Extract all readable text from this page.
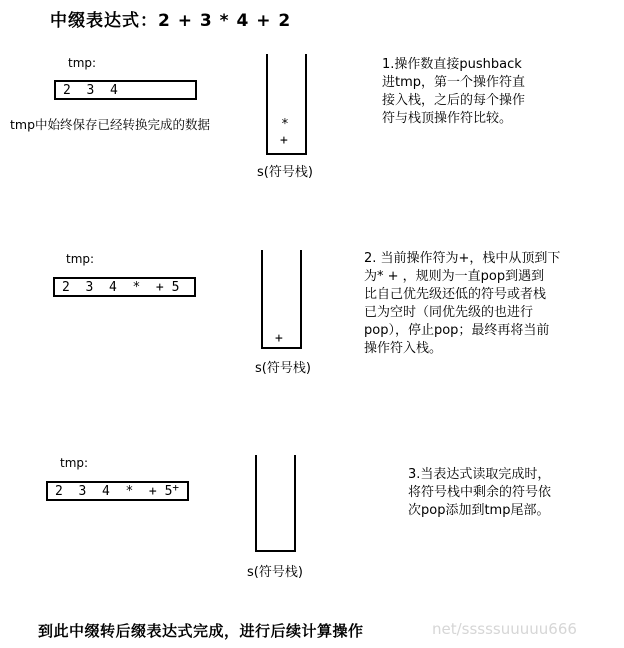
中缀表达式：2 + 3 * 4 + 2
tmp:
2  3  4
tmp中始终保存已经转换完成的数据	*
+
s(符号栈)
1.操作数直接pushback
进tmp，第一个操作符直
接入栈，之后的每个操作
符与栈顶操作符比较。
tmp:
2  3  4  *  + 5
+
s(符号栈)
2. 当前操作符为+，栈中从顶到下
为* + ，规则为一直pop到遇到
比自己优先级还低的符号或者栈
已为空时（同优先级的也进行
pop），停止pop；最终再将当前
操作符入栈。
tmp:
2  3  4  *  + 5+
s(符号栈)
3.当表达式读取完成时，
将符号栈中剩余的符号依
次pop添加到tmp尾部。
到此中缀转后缀表达式完成，进行后续计算操作	net/sssssuuuuu666
